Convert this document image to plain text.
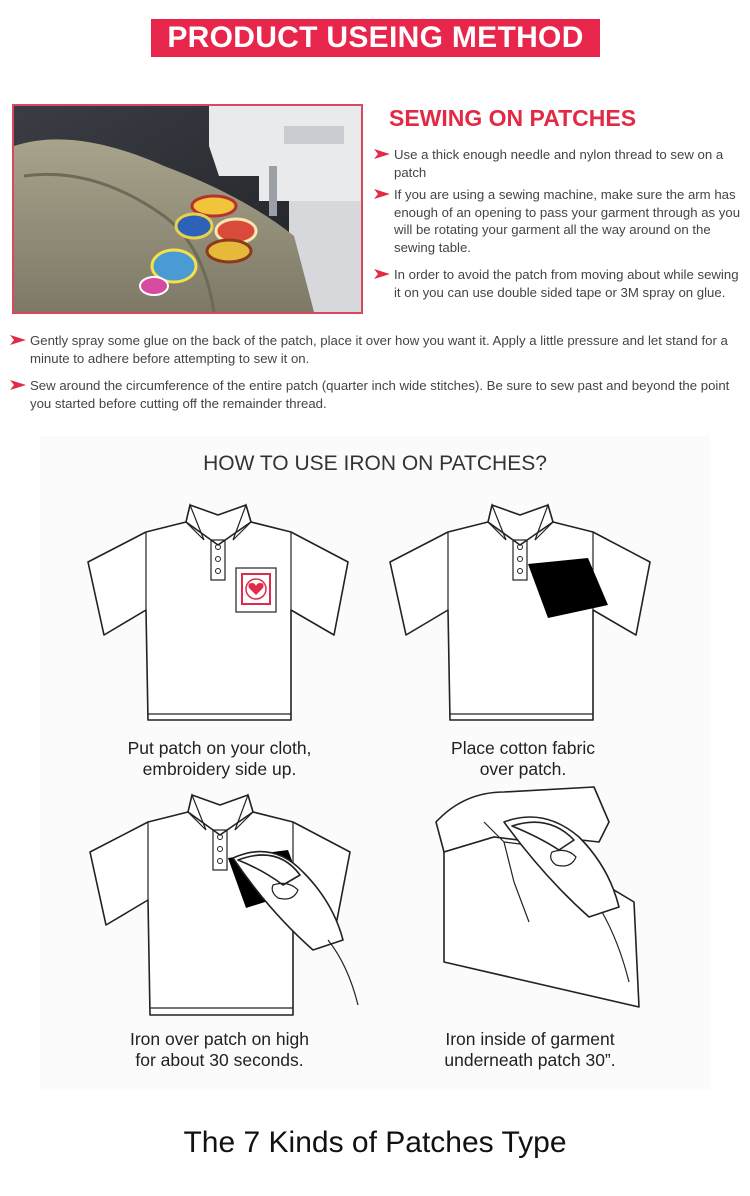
PRODUCT USEING METHOD
SEWING ON PATCHES
Use a thick enough needle and nylon thread to sew on a patch
If you are using a sewing machine, make sure the arm has enough of an opening to pass your garment through as you will be rotating your garment all the way around on the sewing table.
In order to avoid the patch from moving about while sewing it on you can use double sided tape or 3M spray on glue.
Gently spray some glue on the back of the patch, place it over how you want it. Apply a little pressure and let stand for a minute to adhere before attempting to sew it on.
Sew around the circumference of the entire patch (quarter inch wide stitches). Be sure to sew past and beyond the point you started before cutting off the remainder thread.
HOW TO USE IRON ON PATCHES?
Put patch on your cloth,
embroidery side up.
Place cotton fabric
over patch.
Iron over patch on high
for about 30 seconds.
Iron inside of garment
underneath patch 30”.
The 7 Kinds of Patches Type
